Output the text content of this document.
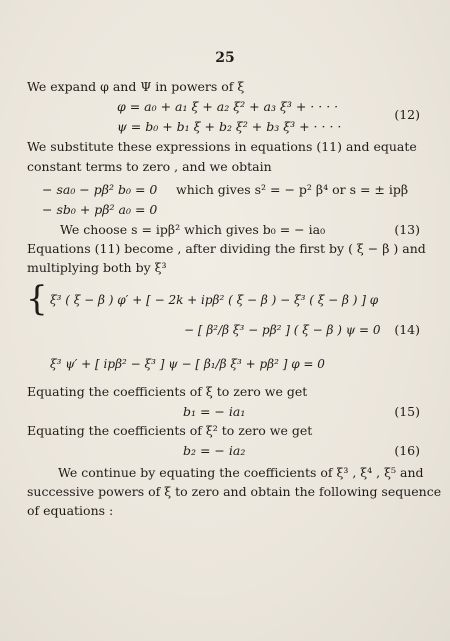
25
We expand φ and Ψ in powers of ξ
φ = a₀ + a₁ ξ + a₂ ξ² + a₃ ξ³ + · · · ·
(12)
ψ = b₀ + b₁ ξ + b₂ ξ² + b₃ ξ³ + · · · ·
We substitute these expressions in equations (11) and equate
constant terms to zero , and we obtain
{
− sa₀ − pβ² b₀ = 0 which gives s² = − p² β⁴ or s = ± ipβ
− sb₀ + pβ² a₀ = 0
We choose s = ipβ² which gives b₀ = − ia₀	(13)
Equations (11) become , after dividing the first by ( ξ − β ) and
multiplying both by ξ³
ξ³ ( ξ − β ) φ′ + [ − 2k + ipβ² ( ξ − β ) − ξ³ ( ξ − β ) ] φ
− [ β²/β ξ³ − pβ² ] ( ξ − β ) ψ = 0 (14)
ξ³ ψ′ + [ ipβ² − ξ³ ] ψ − [ β₁/β ξ³ + pβ² ] φ = 0
Equating the coefficients of ξ to zero we get
b₁ = − ia₁	(15)
Equating the coefficients of ξ² to zero we get
b₂ = − ia₂	(16)
We continue by equating the coefficients of ξ³ , ξ⁴ , ξ⁵ and
successive powers of ξ to zero and obtain the following sequence
of equations :
